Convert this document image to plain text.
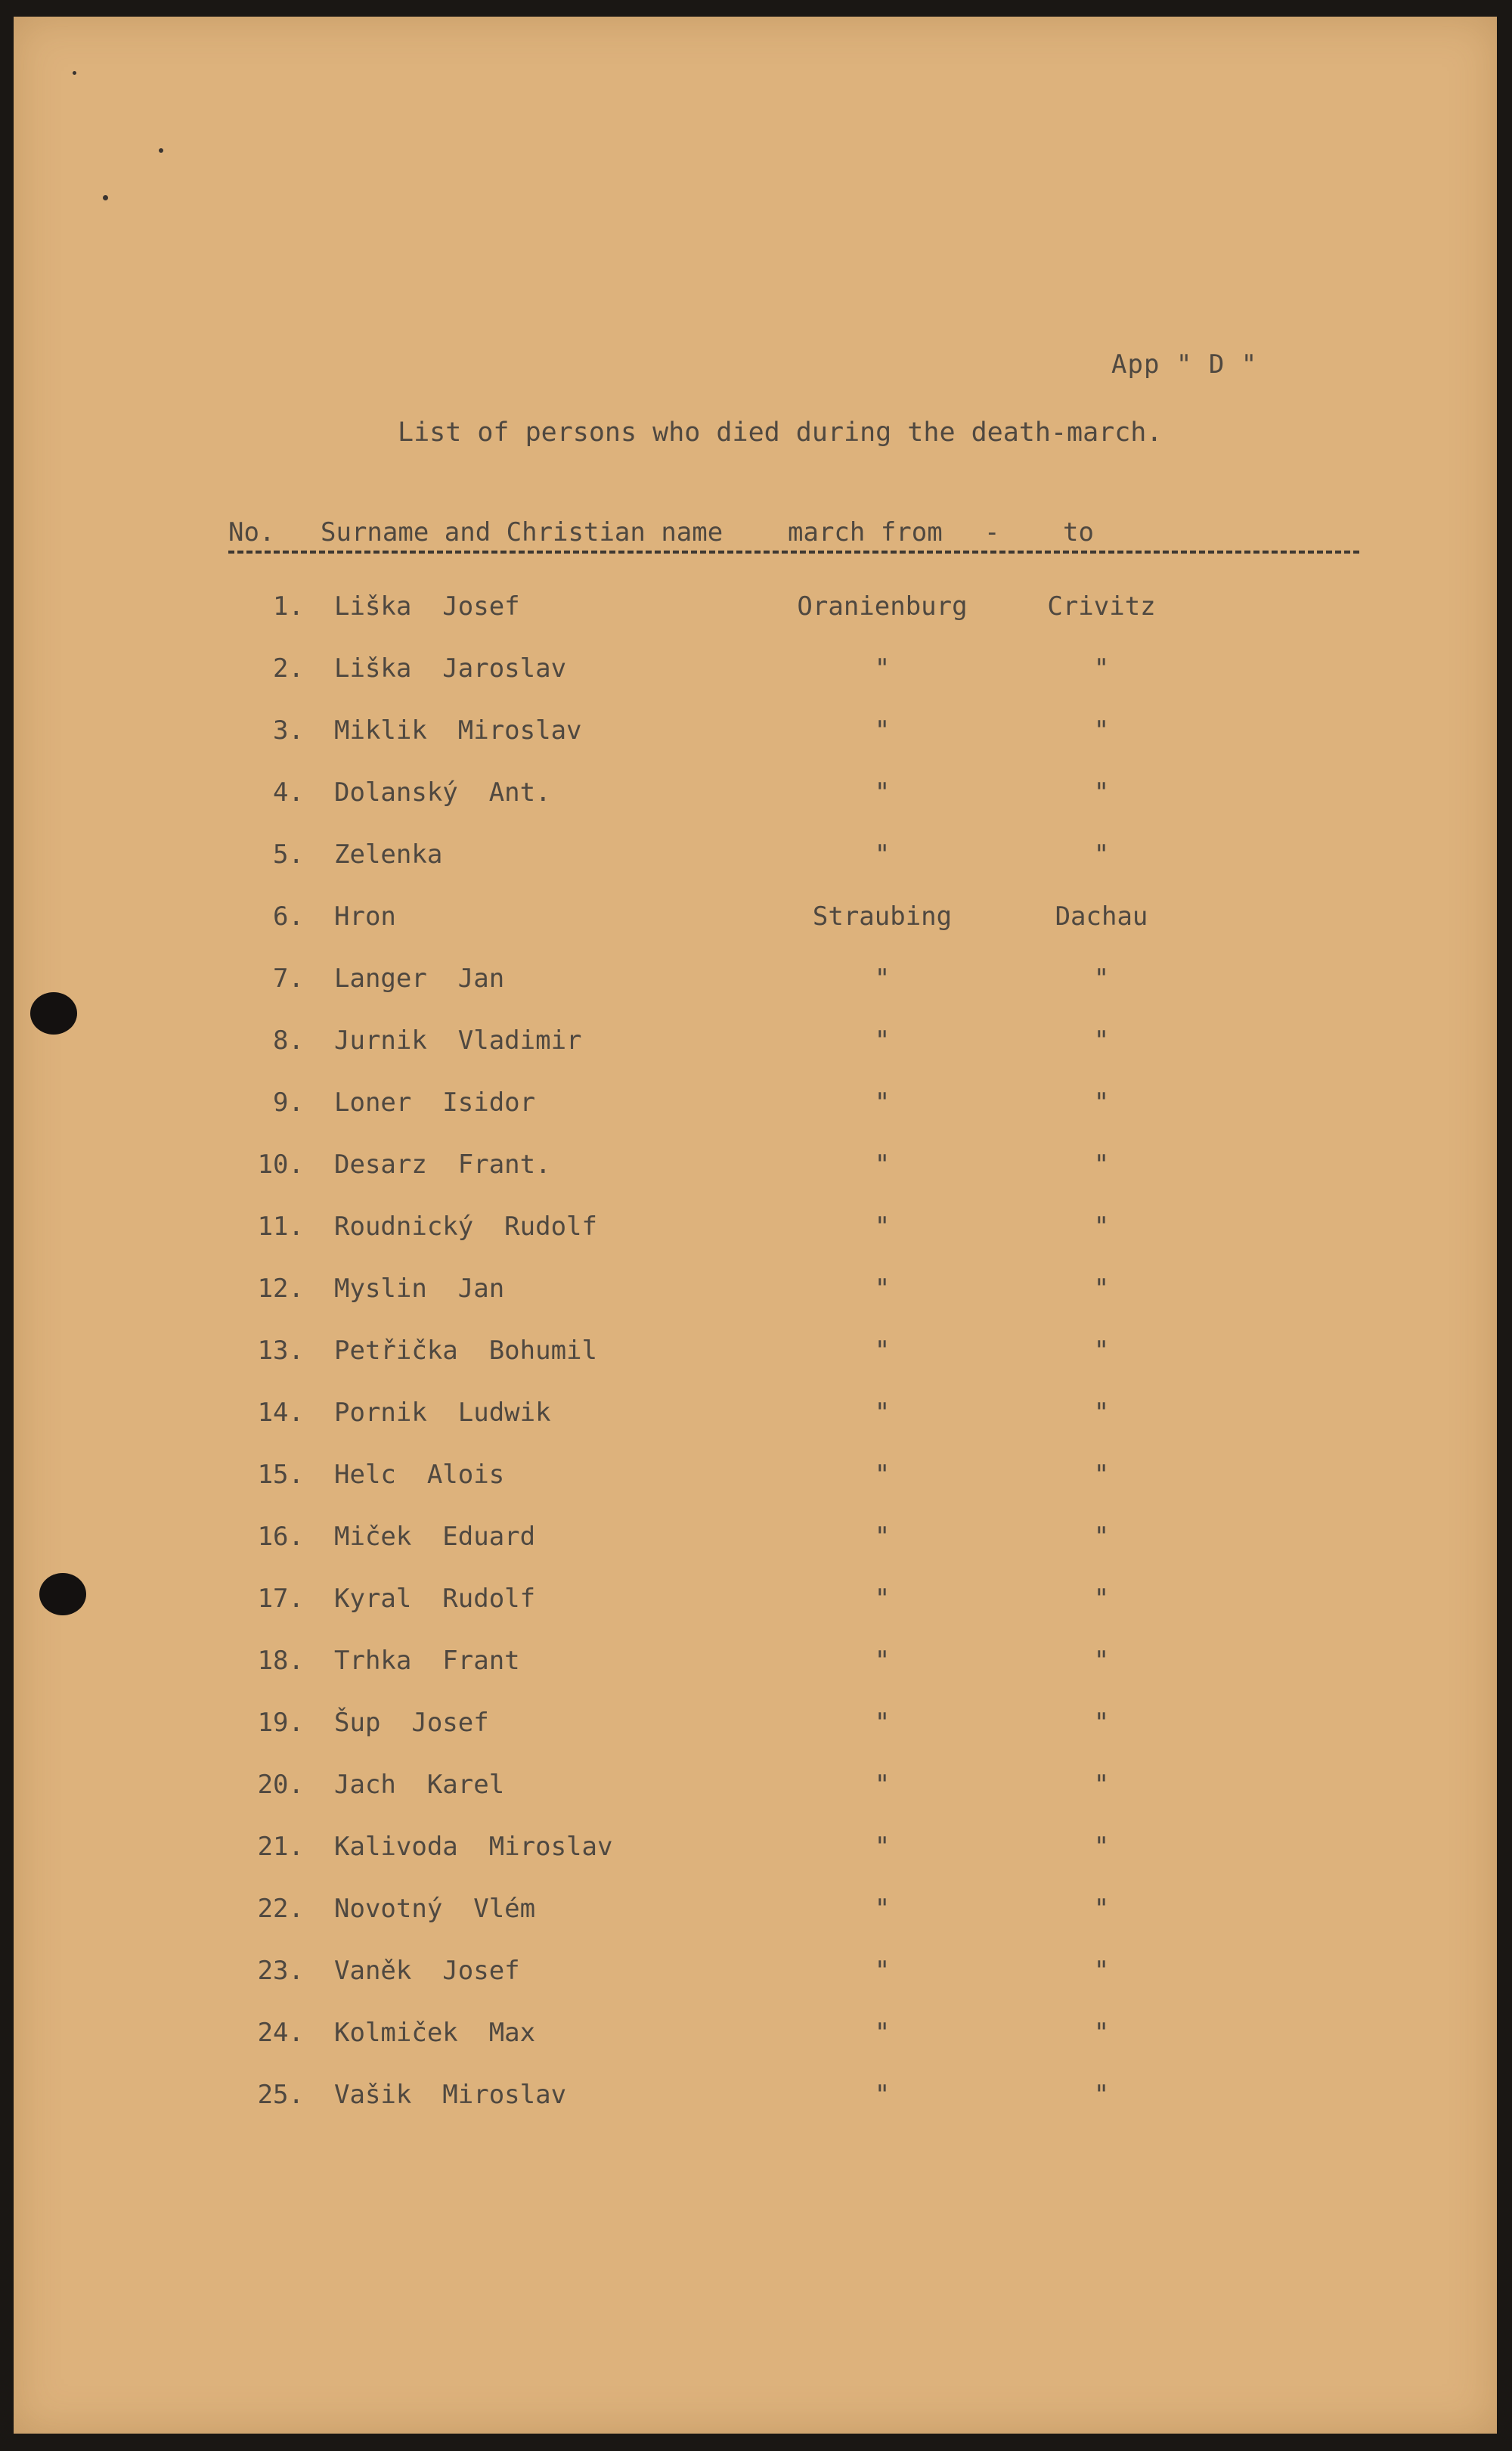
App " D "
List of persons who died during the death-march.
No. Surname and Christian name	march from - to
1. Liška  Josef	Oranienburg	Crivitz
2. Liška  Jaroslav	"	"
3. Miklik  Miroslav	"	"
4. Dolanský  Ant.	"	"
5. Zelenka	"	"
6. Hron	Straubing	Dachau
7. Langer  Jan	"	"
8. Jurnik  Vladimir	"	"
9. Loner  Isidor	"	"
10. Desarz  Frant.	"	"
11. Roudnický  Rudolf	"	"
12. Myslin  Jan	"	"
13. Petřička  Bohumil	"	"
14. Pornik  Ludwik	"	"
15. Helc  Alois	"	"
16. Miček  Eduard	"	"
17. Kyral  Rudolf	"	"
18. Trhka  Frant	"	"
19. Šup  Josef	"	"
20. Jach  Karel	"	"
21. Kalivoda  Miroslav	"	"
22. Novotný  Vlém	"	"
23. Vaněk  Josef	"	"
24. Kolmiček  Max	"	"
25. Vašik  Miroslav	"	"
